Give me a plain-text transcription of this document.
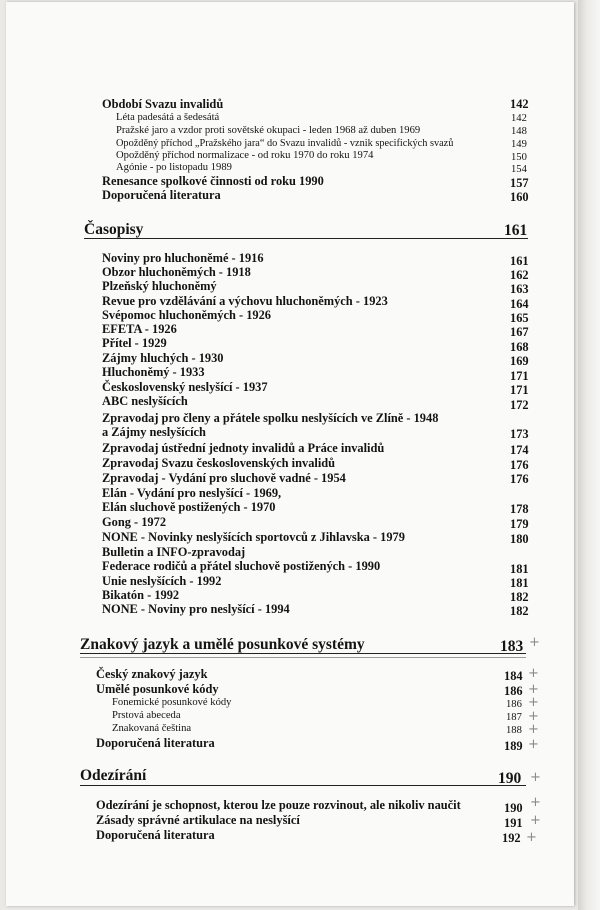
Období Svazu invalidů	142
Léta padesátá a šedesátá	142
Pražské jaro a vzdor proti sovětské okupaci - leden 1968 až duben 1969	148
Opožděný příchod „Pražského jara“ do Svazu invalidů - vznik specifických svazů	149
Opožděný příchod normalizace - od roku 1970 do roku 1974	150
Agónie - po listopadu 1989	154
Renesance spolkové činnosti od roku 1990	157
Doporučená literatura	160
Časopisy	161
Noviny pro hluchoněmé - 1916	161
Obzor hluchoněmých - 1918	162
Plzeňský hluchoněmý	163
Revue pro vzdělávání a výchovu hluchoněmých - 1923	164
Svépomoc hluchoněmých - 1926	165
EFETA - 1926	167
Přítel - 1929	168
Zájmy hluchých - 1930	169
Hluchoněmý - 1933	171
Československý neslyšící - 1937	171
ABC neslyšících	172
Zpravodaj pro členy a přátele spolku neslyšících ve Zlíně - 1948
a Zájmy neslyšících	173
Zpravodaj ústřední jednoty invalidů a Práce invalidů	174
Zpravodaj Svazu československých invalidů	176
Zpravodaj - Vydání pro sluchově vadné - 1954	176
Elán - Vydání pro neslyšící - 1969,
Elán sluchově postižených - 1970	178
Gong - 1972	179
NONE - Novinky neslyšících sportovců z Jihlavska - 1979	180
Bulletin a INFO-zpravodaj
Federace rodičů a přátel sluchově postižených - 1990	181
Unie neslyšících - 1992	181
Bikatón - 1992	182
NONE - Noviny pro neslyšící - 1994	182
Znakový jazyk a umělé posunkové systémy	183 +
Český znakový jazyk	184 +
Umělé posunkové kódy	186 +
Fonemické posunkové kódy	186 +
Prstová abeceda	187 +
Znakovaná čeština	188 +
Doporučená literatura	189 +
Odezírání	190 +
Odezírání je schopnost, kterou lze pouze rozvinout, ale nikoliv naučit	190 +
Zásady správné artikulace na neslyšící	191 +
Doporučená literatura	192 +
